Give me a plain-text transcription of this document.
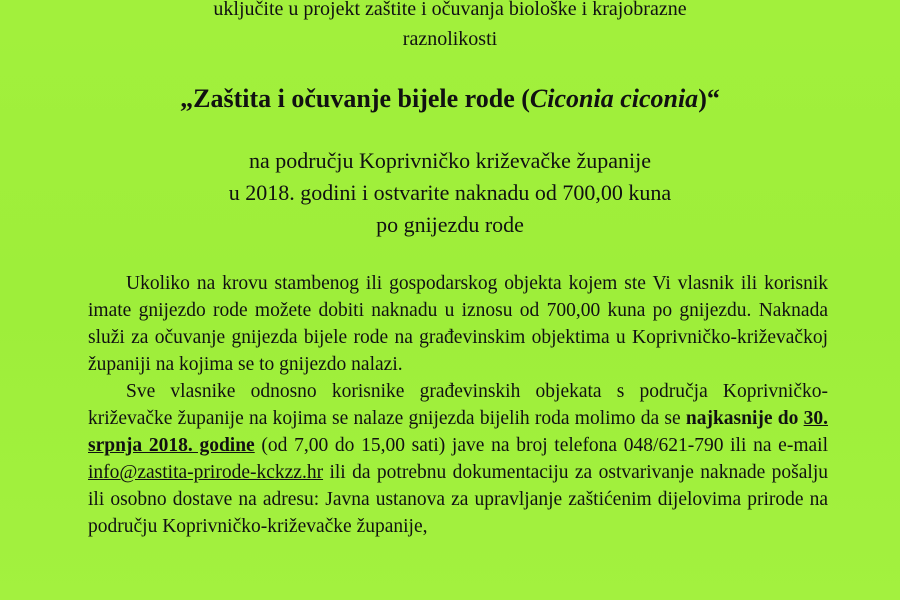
uključite u projekt zaštite i očuvanja biološke i krajobrazne
raznolikosti
„Zaštita i očuvanje bijele rode (Ciconia ciconia)“
na području Koprivničko križevačke županije
u 2018. godini i ostvarite naknadu od 700,00 kuna
po gnijezdu rode

Ukoliko na krovu stambenog ili gospodarskog objekta kojem ste Vi vlasnik ili korisnik imate gnijezdo rode možete dobiti naknadu u iznosu od 700,00 kuna po gnijezdu. Naknada služi za očuvanje gnijezda bijele rode na građevinskim objektima u Koprivničko-križevačkoj županiji na kojima se to gnijezdo nalazi.

Sve vlasnike odnosno korisnike građevinskih objekata s područja Koprivničko-križevačke županije na kojima se nalaze gnijezda bijelih roda molimo da se najkasnije do 30. srpnja 2018. godine (od 7,00 do 15,00 sati) jave na broj telefona 048/621-790 ili na e-mail info@zastita-prirode-kckzz.hr ili da potrebnu dokumentaciju za ostvarivanje naknade pošalju ili osobno dostave na adresu: Javna ustanova za upravljanje zaštićenim dijelovima prirode na području Koprivničko-križevačke županije,
